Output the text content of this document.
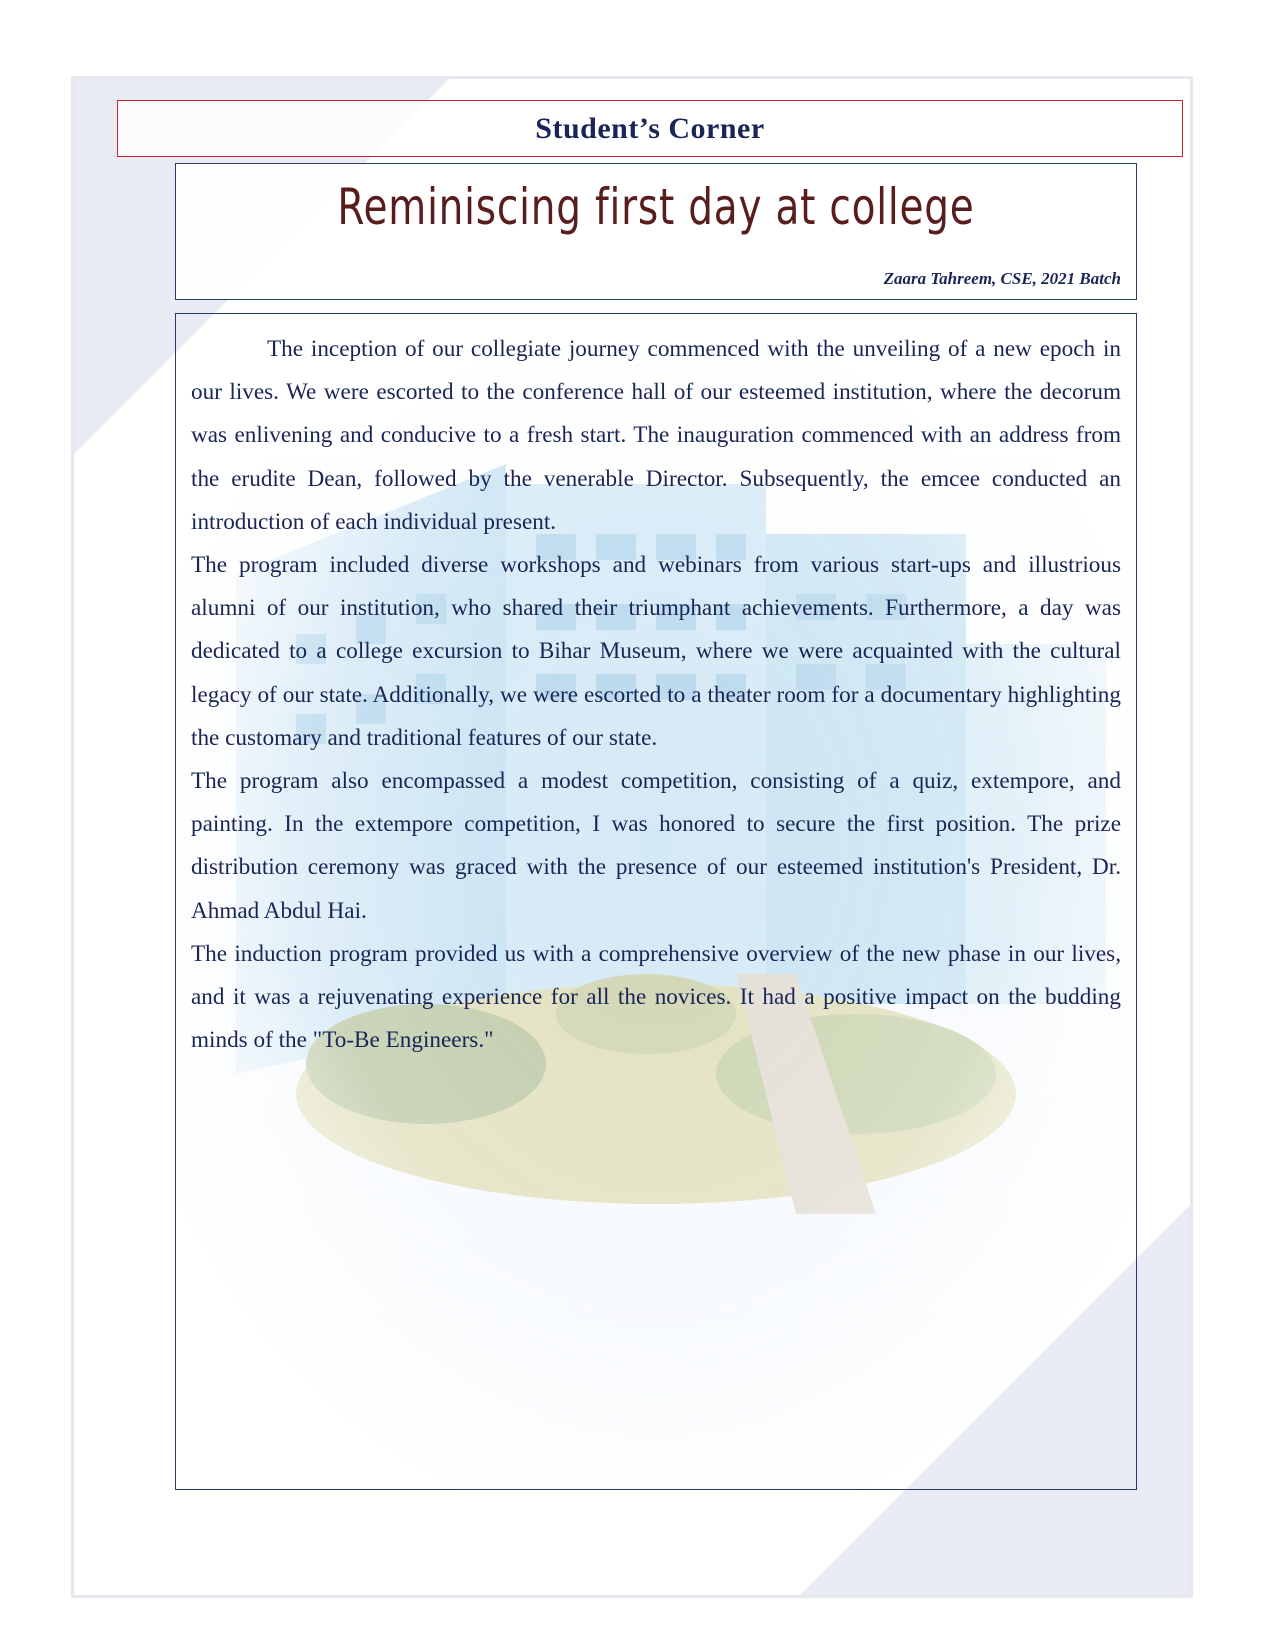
Student’s Corner
Reminiscing first day at college
Zaara Tahreem, CSE, 2021 Batch

The inception of our collegiate journey commenced with the unveiling of a new epoch in our lives. We were escorted to the conference hall of our esteemed institution, where the decorum was enlivening and conducive to a fresh start. The inauguration commenced with an address from the erudite Dean, followed by the venerable Director. Subsequently, the emcee conducted an introduction of each individual present.

The program included diverse workshops and webinars from various start-ups and illustrious alumni of our institution, who shared their triumphant achievements. Furthermore, a day was dedicated to a college excursion to Bihar Museum, where we were acquainted with the cultural legacy of our state. Additionally, we were escorted to a theater room for a documentary highlighting the customary and traditional features of our state.

The program also encompassed a modest competition, consisting of a quiz, extempore, and painting. In the extempore competition, I was honored to secure the first position. The prize distribution ceremony was graced with the presence of our esteemed institution's President, Dr. Ahmad Abdul Hai.

The induction program provided us with a comprehensive overview of the new phase in our lives, and it was a rejuvenating experience for all the novices. It had a positive impact on the budding minds of the "To-Be Engineers."
